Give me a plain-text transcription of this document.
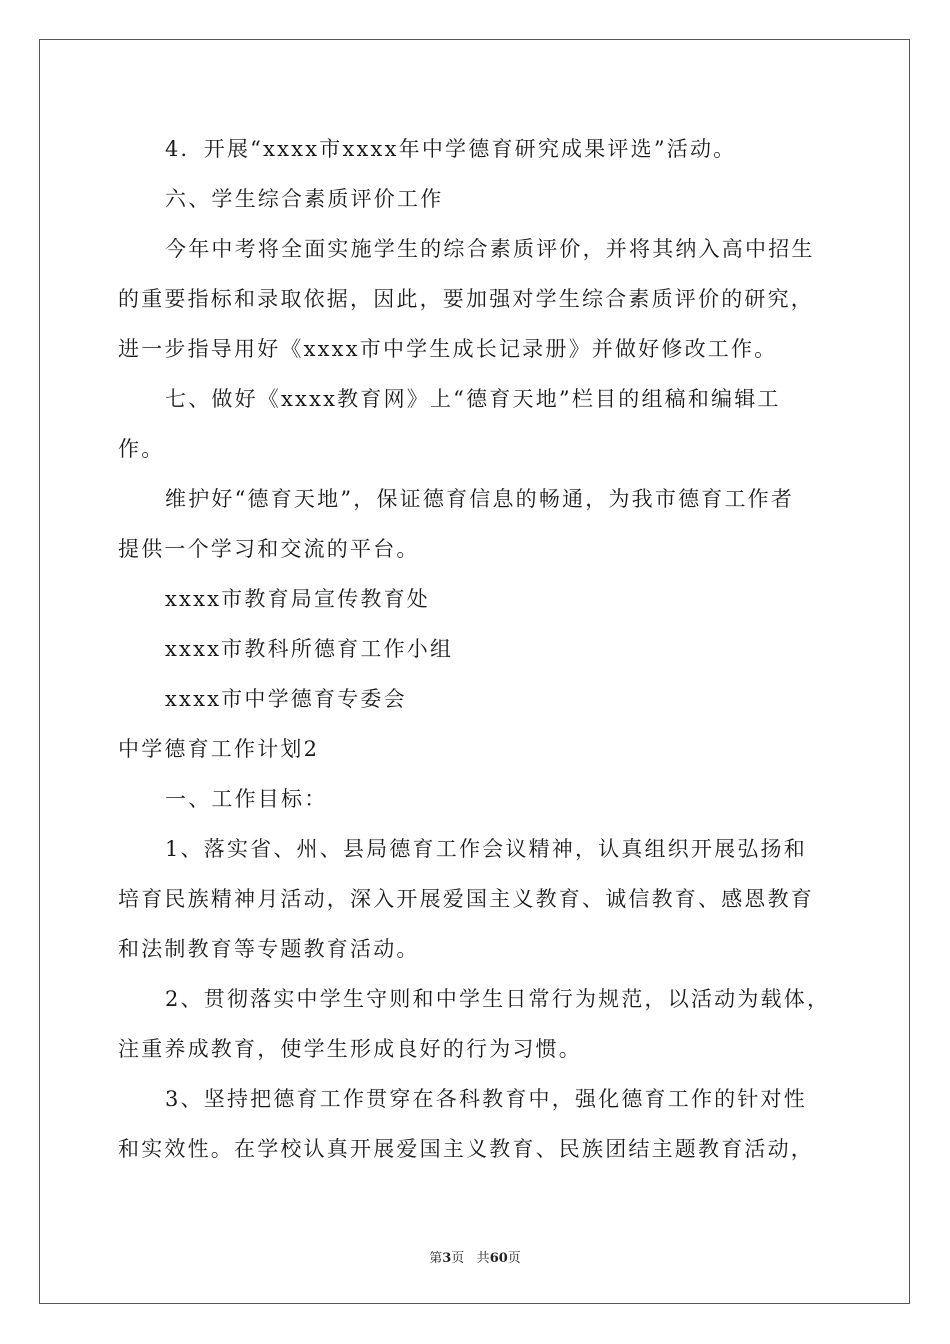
4．开展“xxxx市xxxx年中学德育研究成果评选”活动。
六、学生综合素质评价工作
今年中考将全面实施学生的综合素质评价，并将其纳入高中招生
的重要指标和录取依据，因此，要加强对学生综合素质评价的研究，
进一步指导用好《xxxx市中学生成长记录册》并做好修改工作。
七、做好《xxxx教育网》上“德育天地”栏目的组稿和编辑工
作。
维护好“德育天地”，保证德育信息的畅通，为我市德育工作者
提供一个学习和交流的平台。
xxxx市教育局宣传教育处
xxxx市教科所德育工作小组
xxxx市中学德育专委会
中学德育工作计划2
一、工作目标：
1、落实省、州、县局德育工作会议精神，认真组织开展弘扬和
培育民族精神月活动，深入开展爱国主义教育、诚信教育、感恩教育
和法制教育等专题教育活动。
2、贯彻落实中学生守则和中学生日常行为规范，以活动为载体，
注重养成教育，使学生形成良好的行为习惯。
3、坚持把德育工作贯穿在各科教育中，强化德育工作的针对性
和实效性。在学校认真开展爱国主义教育、民族团结主题教育活动，
第3页 共60页
